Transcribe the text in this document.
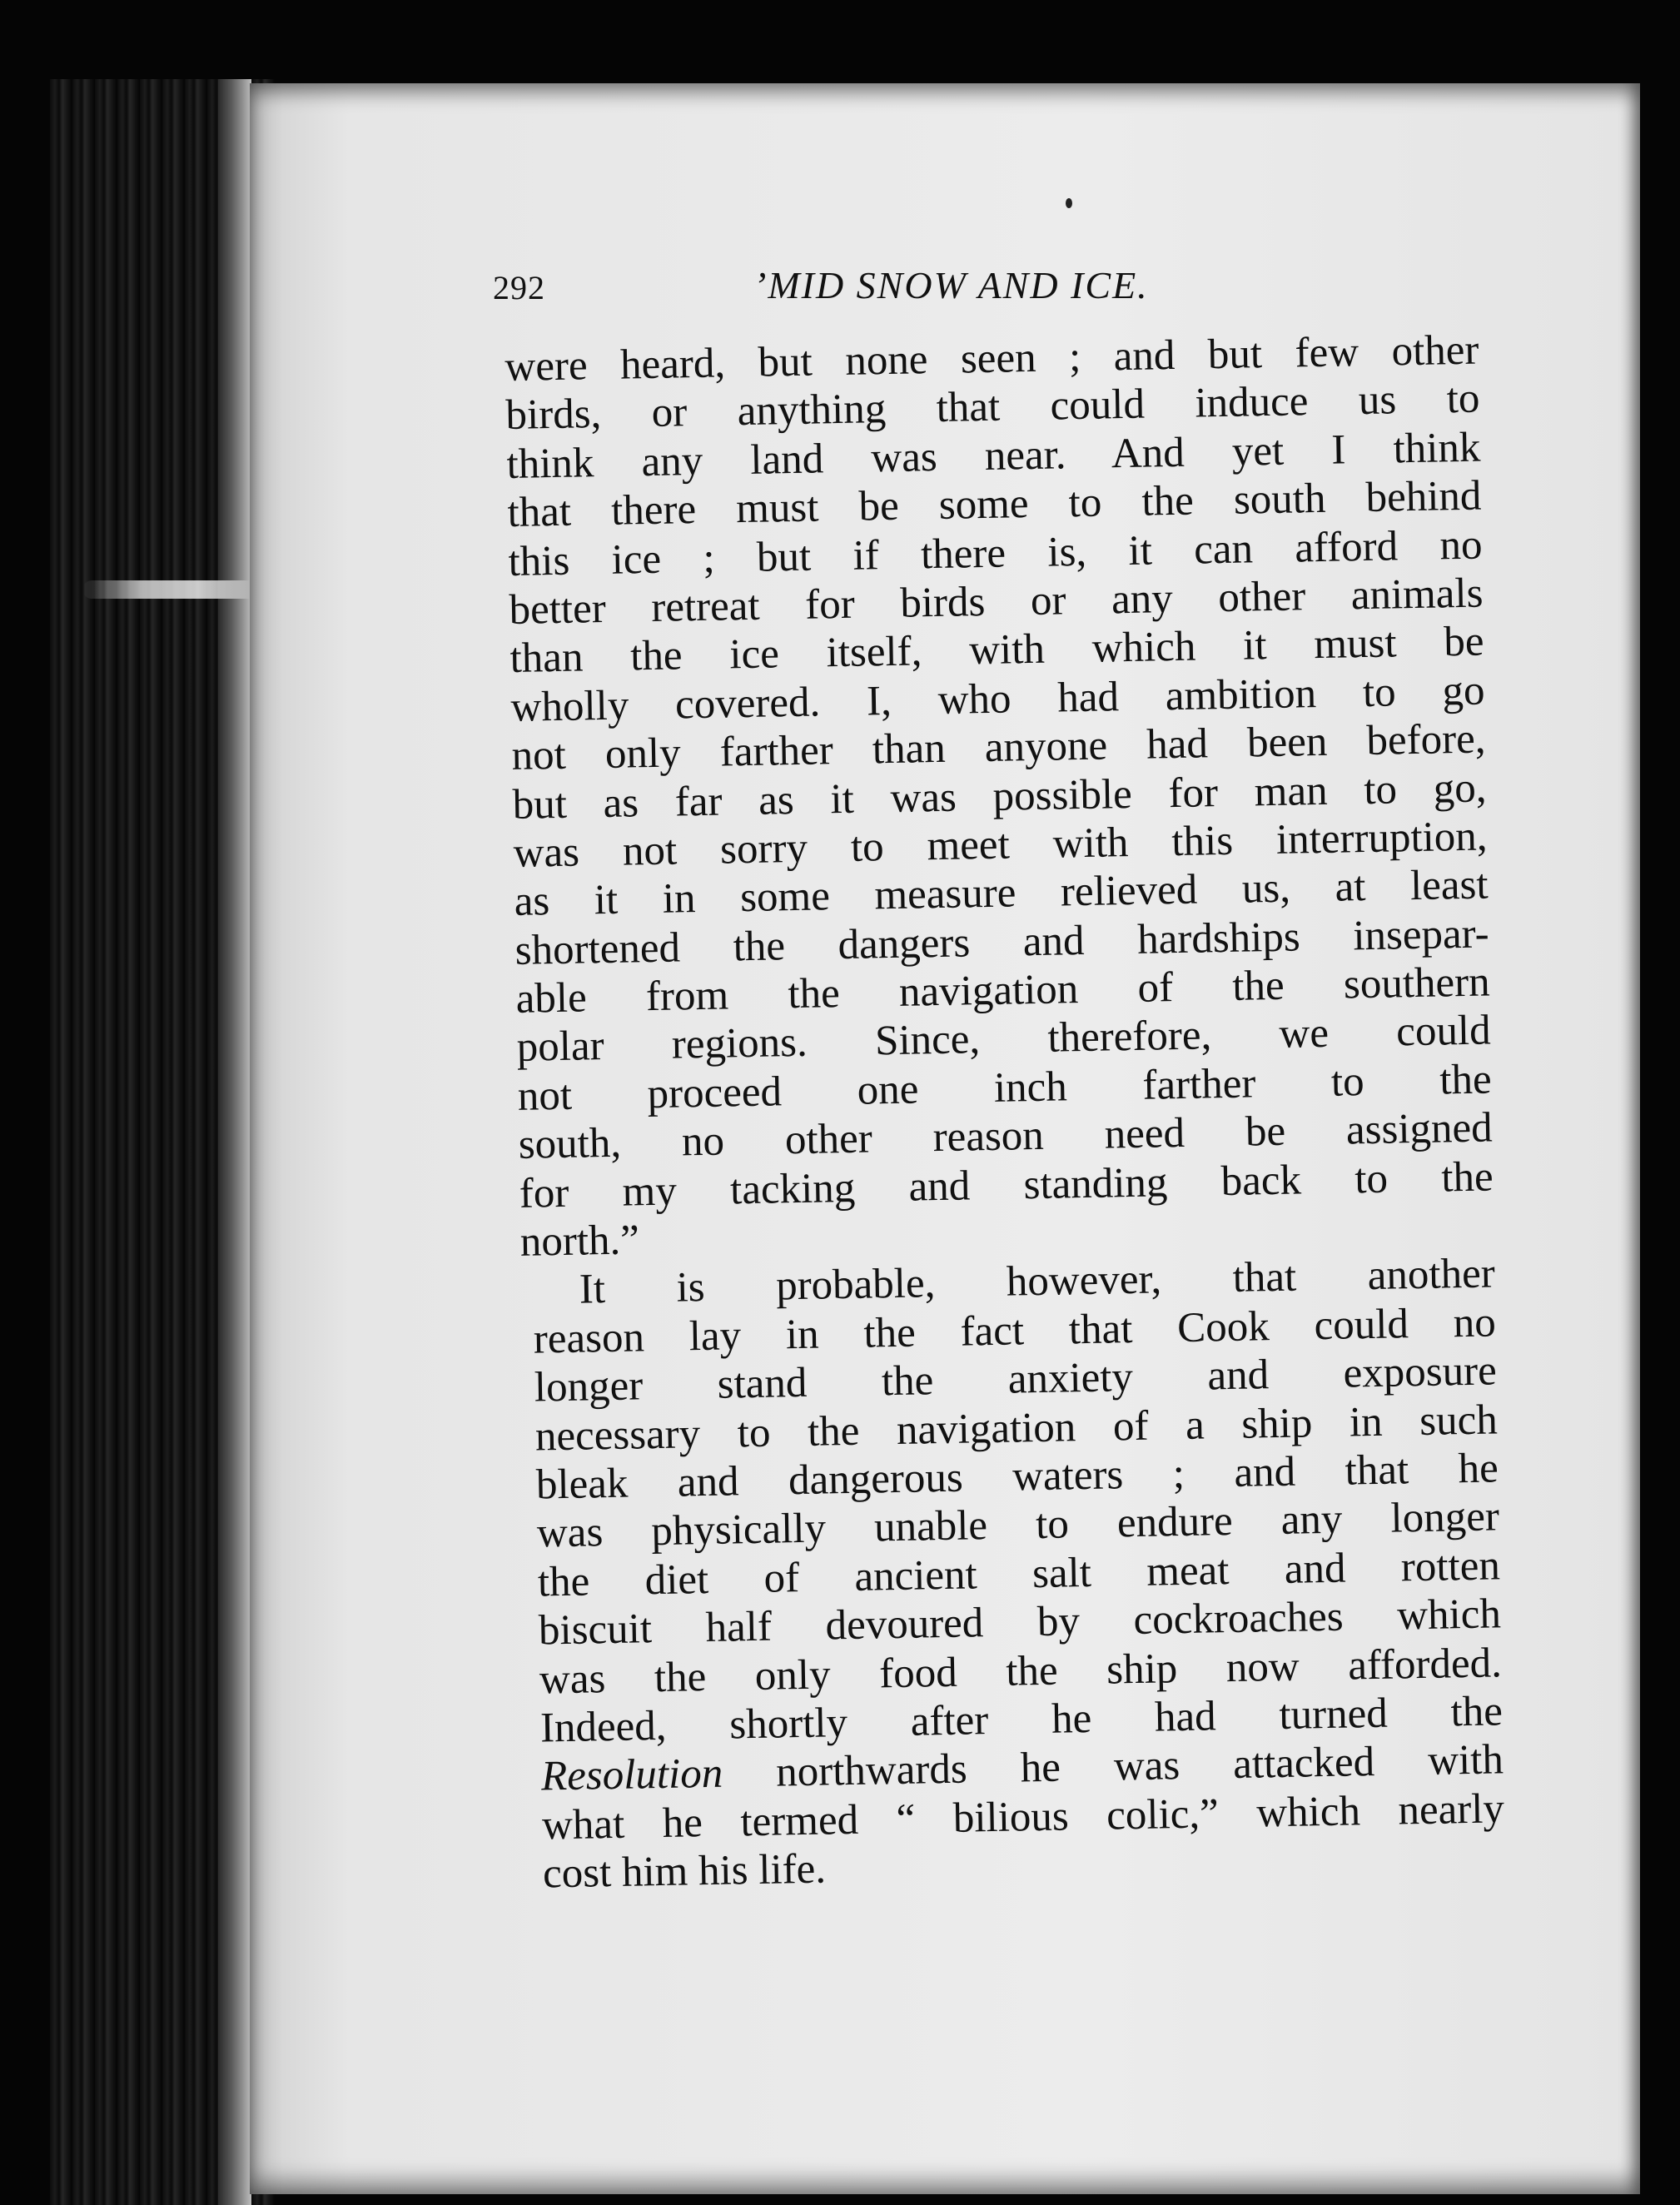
292	’MID SNOW AND ICE.
were heard, but none seen ; and but few other
birds, or anything that could induce us to
think any land was near. And yet I think
that there must be some to the south behind
this ice ; but if there is, it can afford no
better retreat for birds or any other animals
than the ice itself, with which it must be
wholly covered. I, who had ambition to go
not only farther than anyone had been before,
but as far as it was possible for man to go,
was not sorry to meet with this interruption,
as it in some measure relieved us, at least
shortened the dangers and hardships insepar-
able from the navigation of the southern
polar regions. Since, therefore, we could
not proceed one inch farther to the
south, no other reason need be assigned
for my tacking and standing back to the
north.”
It is probable, however, that another
reason lay in the fact that Cook could no
longer stand the anxiety and exposure
necessary to the navigation of a ship in such
bleak and dangerous waters ; and that he
was physically unable to endure any longer
the diet of ancient salt meat and rotten
biscuit half devoured by cockroaches which
was the only food the ship now afforded.
Indeed, shortly after he had turned the
Resolution northwards he was attacked with
what he termed “ bilious colic,” which nearly
cost him his life.
